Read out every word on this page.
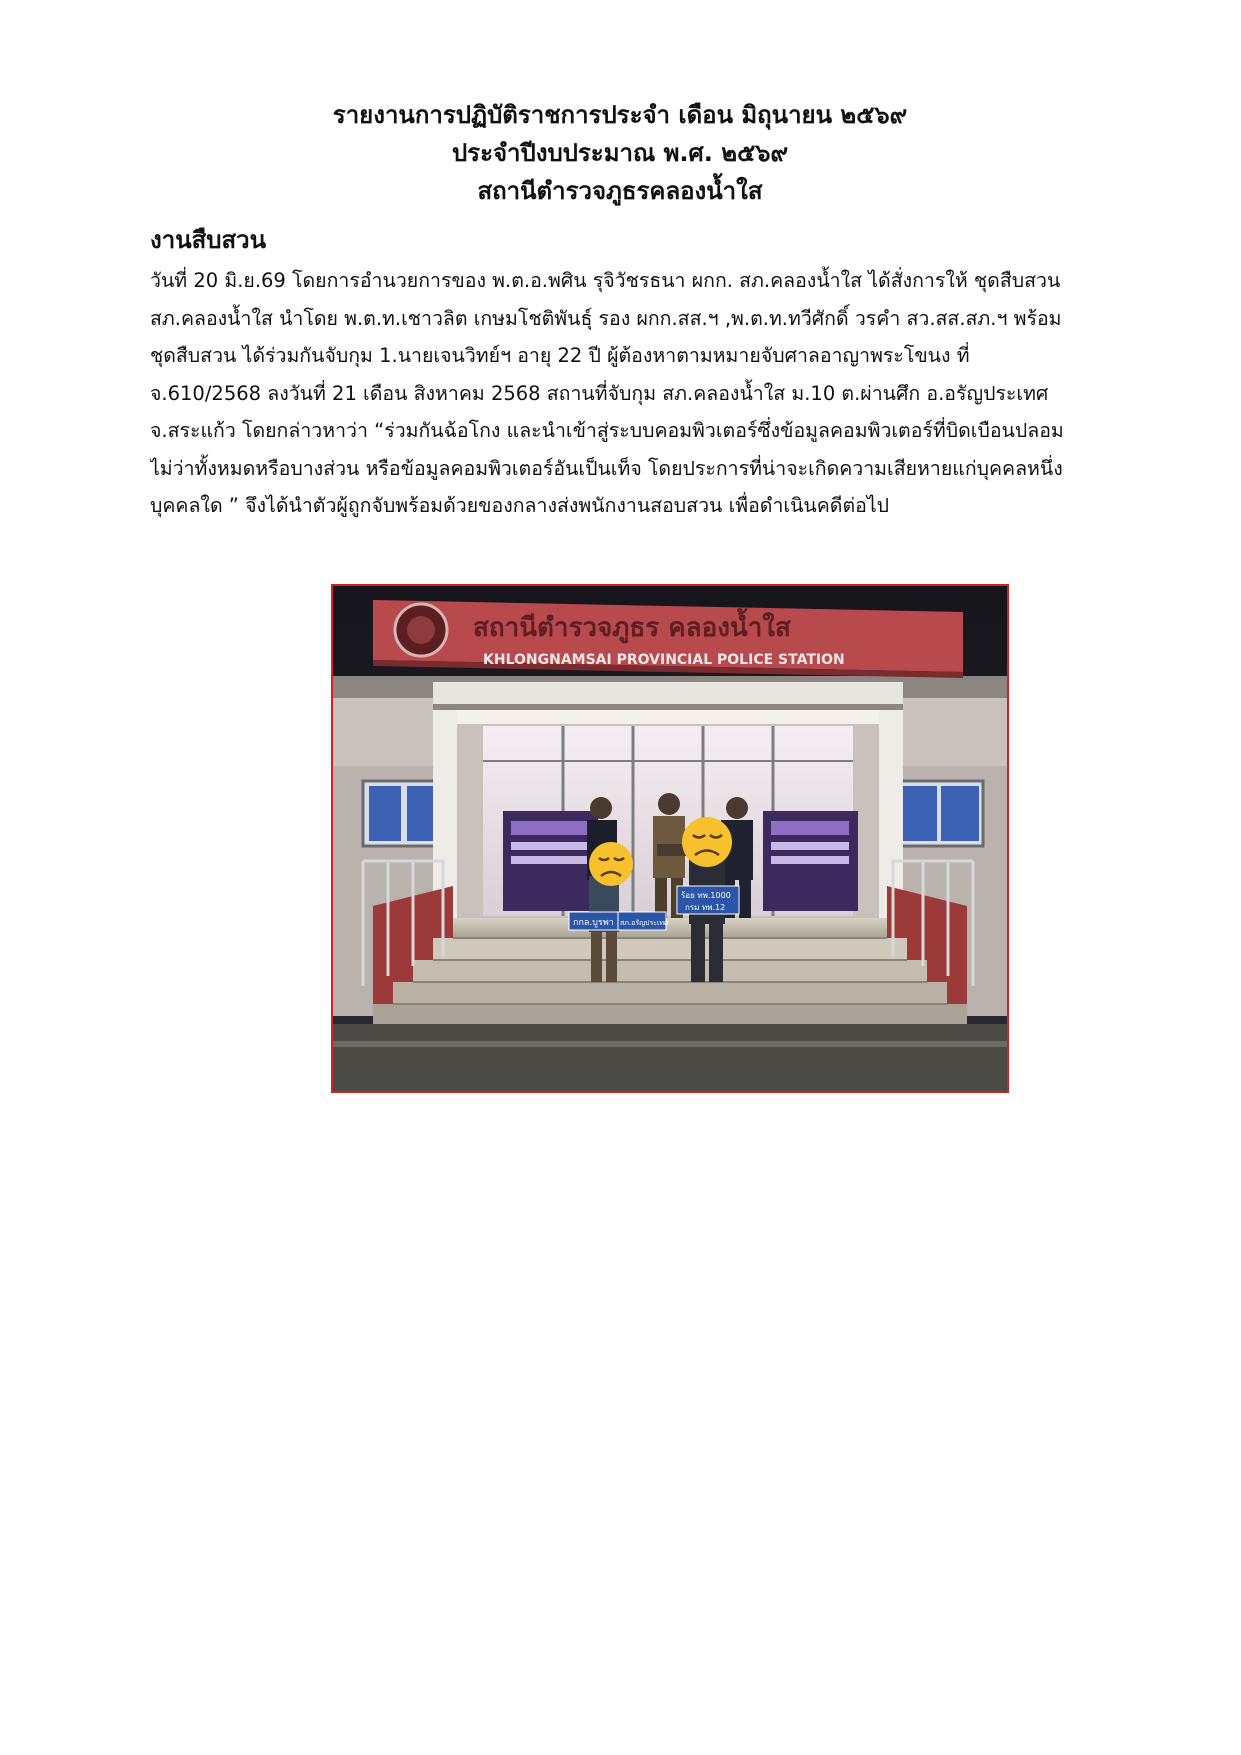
รายงานการปฏิบัติราชการประจำ เดือน มิถุนายน ๒๕๖๙
ประจำปีงบประมาณ พ.ศ. ๒๕๖๙
สถานีตำรวจภูธรคลองน้ำใส
งานสืบสวน
วันที่ 20 มิ.ย.69 โดยการอำนวยการของ พ.ต.อ.พศิน รุจิวัชรธนา ผกก. สภ.คลองน้ำใส ได้สั่งการให้ ชุดสืบสวน
สภ.คลองน้ำใส นำโดย พ.ต.ท.เชาวลิต เกษมโชติพันธุ์ รอง ผกก.สส.ฯ ,พ.ต.ท.ทวีศักดิ์ วรคำ สว.สส.สภ.ฯ พร้อม
ชุดสืบสวน ได้ร่วมกันจับกุม 1.นายเจนวิทย์ฯ อายุ 22 ปี ผู้ต้องหาตามหมายจับศาลอาญาพระโขนง ที่
จ.610/2568 ลงวันที่ 21 เดือน สิงหาคม 2568 สถานที่จับกุม สภ.คลองน้ำใส ม.10 ต.ผ่านศึก อ.อรัญประเทศ
จ.สระแก้ว โดยกล่าวหาว่า “ร่วมกันฉ้อโกง และนำเข้าสู่ระบบคอมพิวเตอร์ซึ่งข้อมูลคอมพิวเตอร์ที่บิดเบือนปลอม
ไม่ว่าทั้งหมดหรือบางส่วน หรือข้อมูลคอมพิวเตอร์อันเป็นเท็จ โดยประการที่น่าจะเกิดความเสียหายแก่บุคคลหนึ่ง
บุคคลใด ” จึงได้นำตัวผู้ถูกจับพร้อมด้วยของกลางส่งพนักงานสอบสวน เพื่อดำเนินคดีต่อไป
สถานีตำรวจภูธร คลองน้ำใส
KHLONGNAMSAI PROVINCIAL POLICE STATION
กกล.บูรพา สภ.อรัญประเทศ
ร้อย ทพ.1000
กรม ทพ.12
